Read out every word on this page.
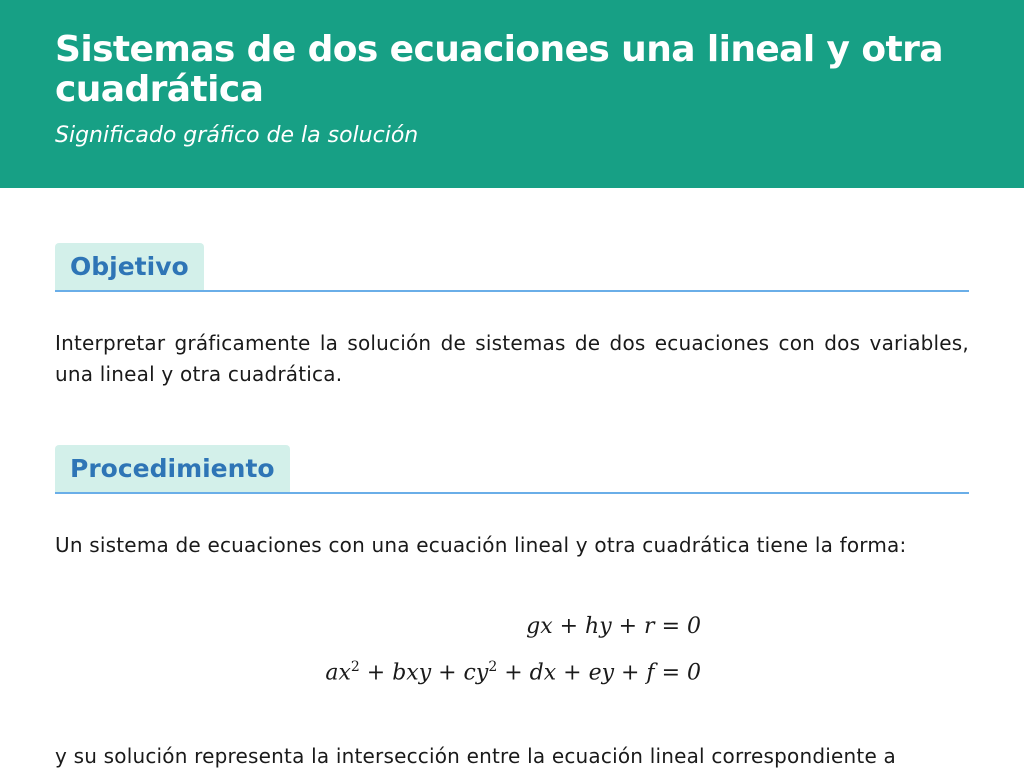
Sistemas de dos ecuaciones una lineal y otra cuadrática

Significado gráfico de la solución

Objetivo

Interpretar gráficamente la solución de sistemas de dos ecuaciones con dos variables, una lineal y otra cuadrática.

Procedimiento

Un sistema de ecuaciones con una ecuación lineal y otra cuadrática tiene la forma:

gx + hy + r = 0
$ax^2$ + bxy + $cy^2$ + dx + ey + f = 0

y su solución representa la intersección entre la ecuación lineal correspondiente a
